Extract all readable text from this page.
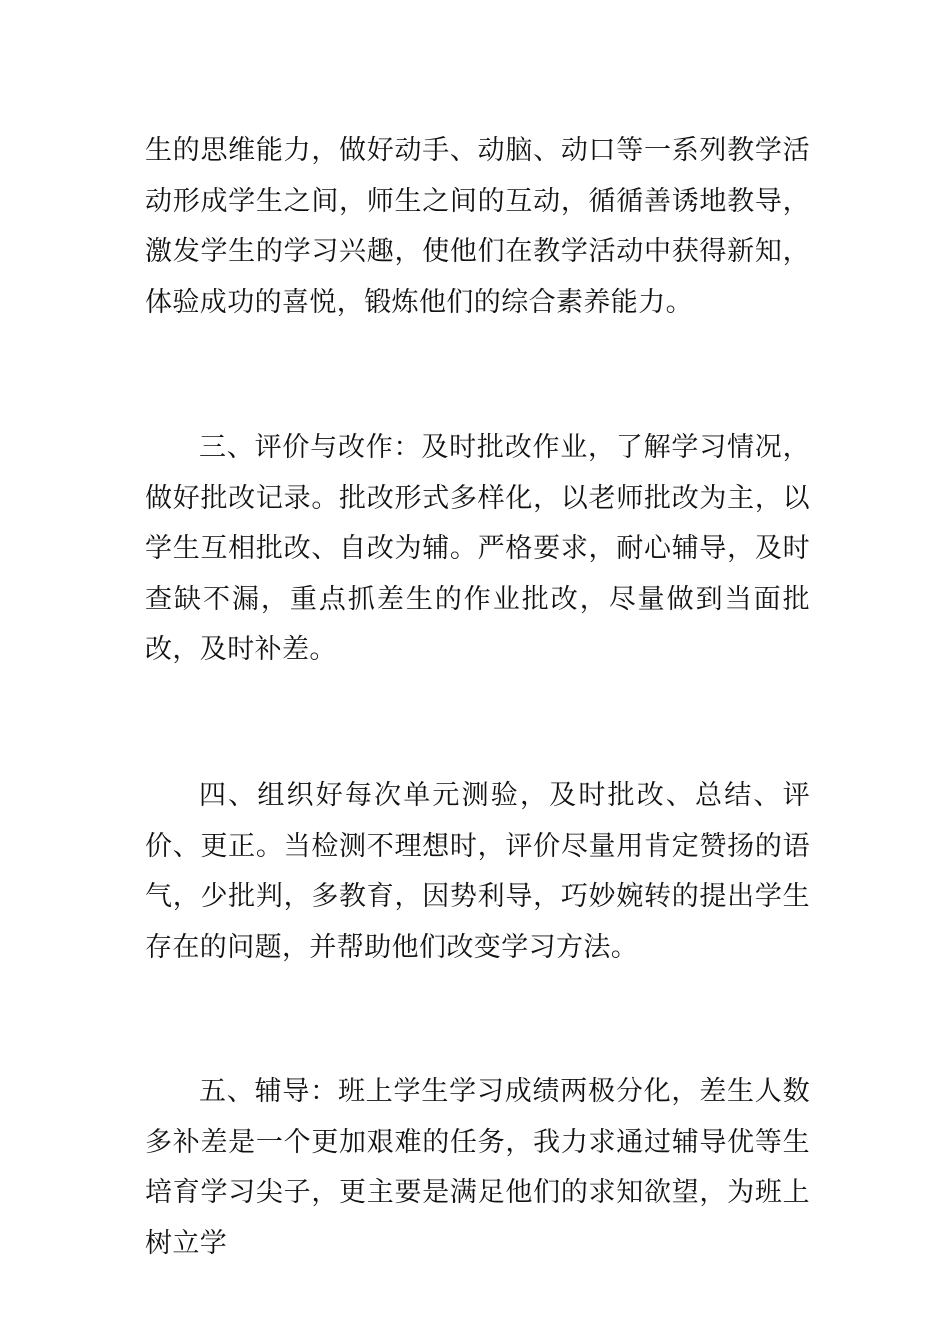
生的思维能力，做好动手、动脑、动口等一系列教学活动形成学生之间，师生之间的互动，循循善诱地教导，激发学生的学习兴趣，使他们在教学活动中获得新知，体验成功的喜悦，锻炼他们的综合素养能力。

三、评价与改作：及时批改作业，了解学习情况，做好批改记录。批改形式多样化，以老师批改为主，以学生互相批改、自改为辅。严格要求，耐心辅导，及时查缺不漏，重点抓差生的作业批改，尽量做到当面批改，及时补差。

四、组织好每次单元测验，及时批改、总结、评价、更正。当检测不理想时，评价尽量用肯定赞扬的语气，少批判，多教育，因势利导，巧妙婉转的提出学生存在的问题，并帮助他们改变学习方法。

五、辅导：班上学生学习成绩两极分化，差生人数多补差是一个更加艰难的任务，我力求通过辅导优等生培育学习尖子，更主要是满足他们的求知欲望，为班上树立学
